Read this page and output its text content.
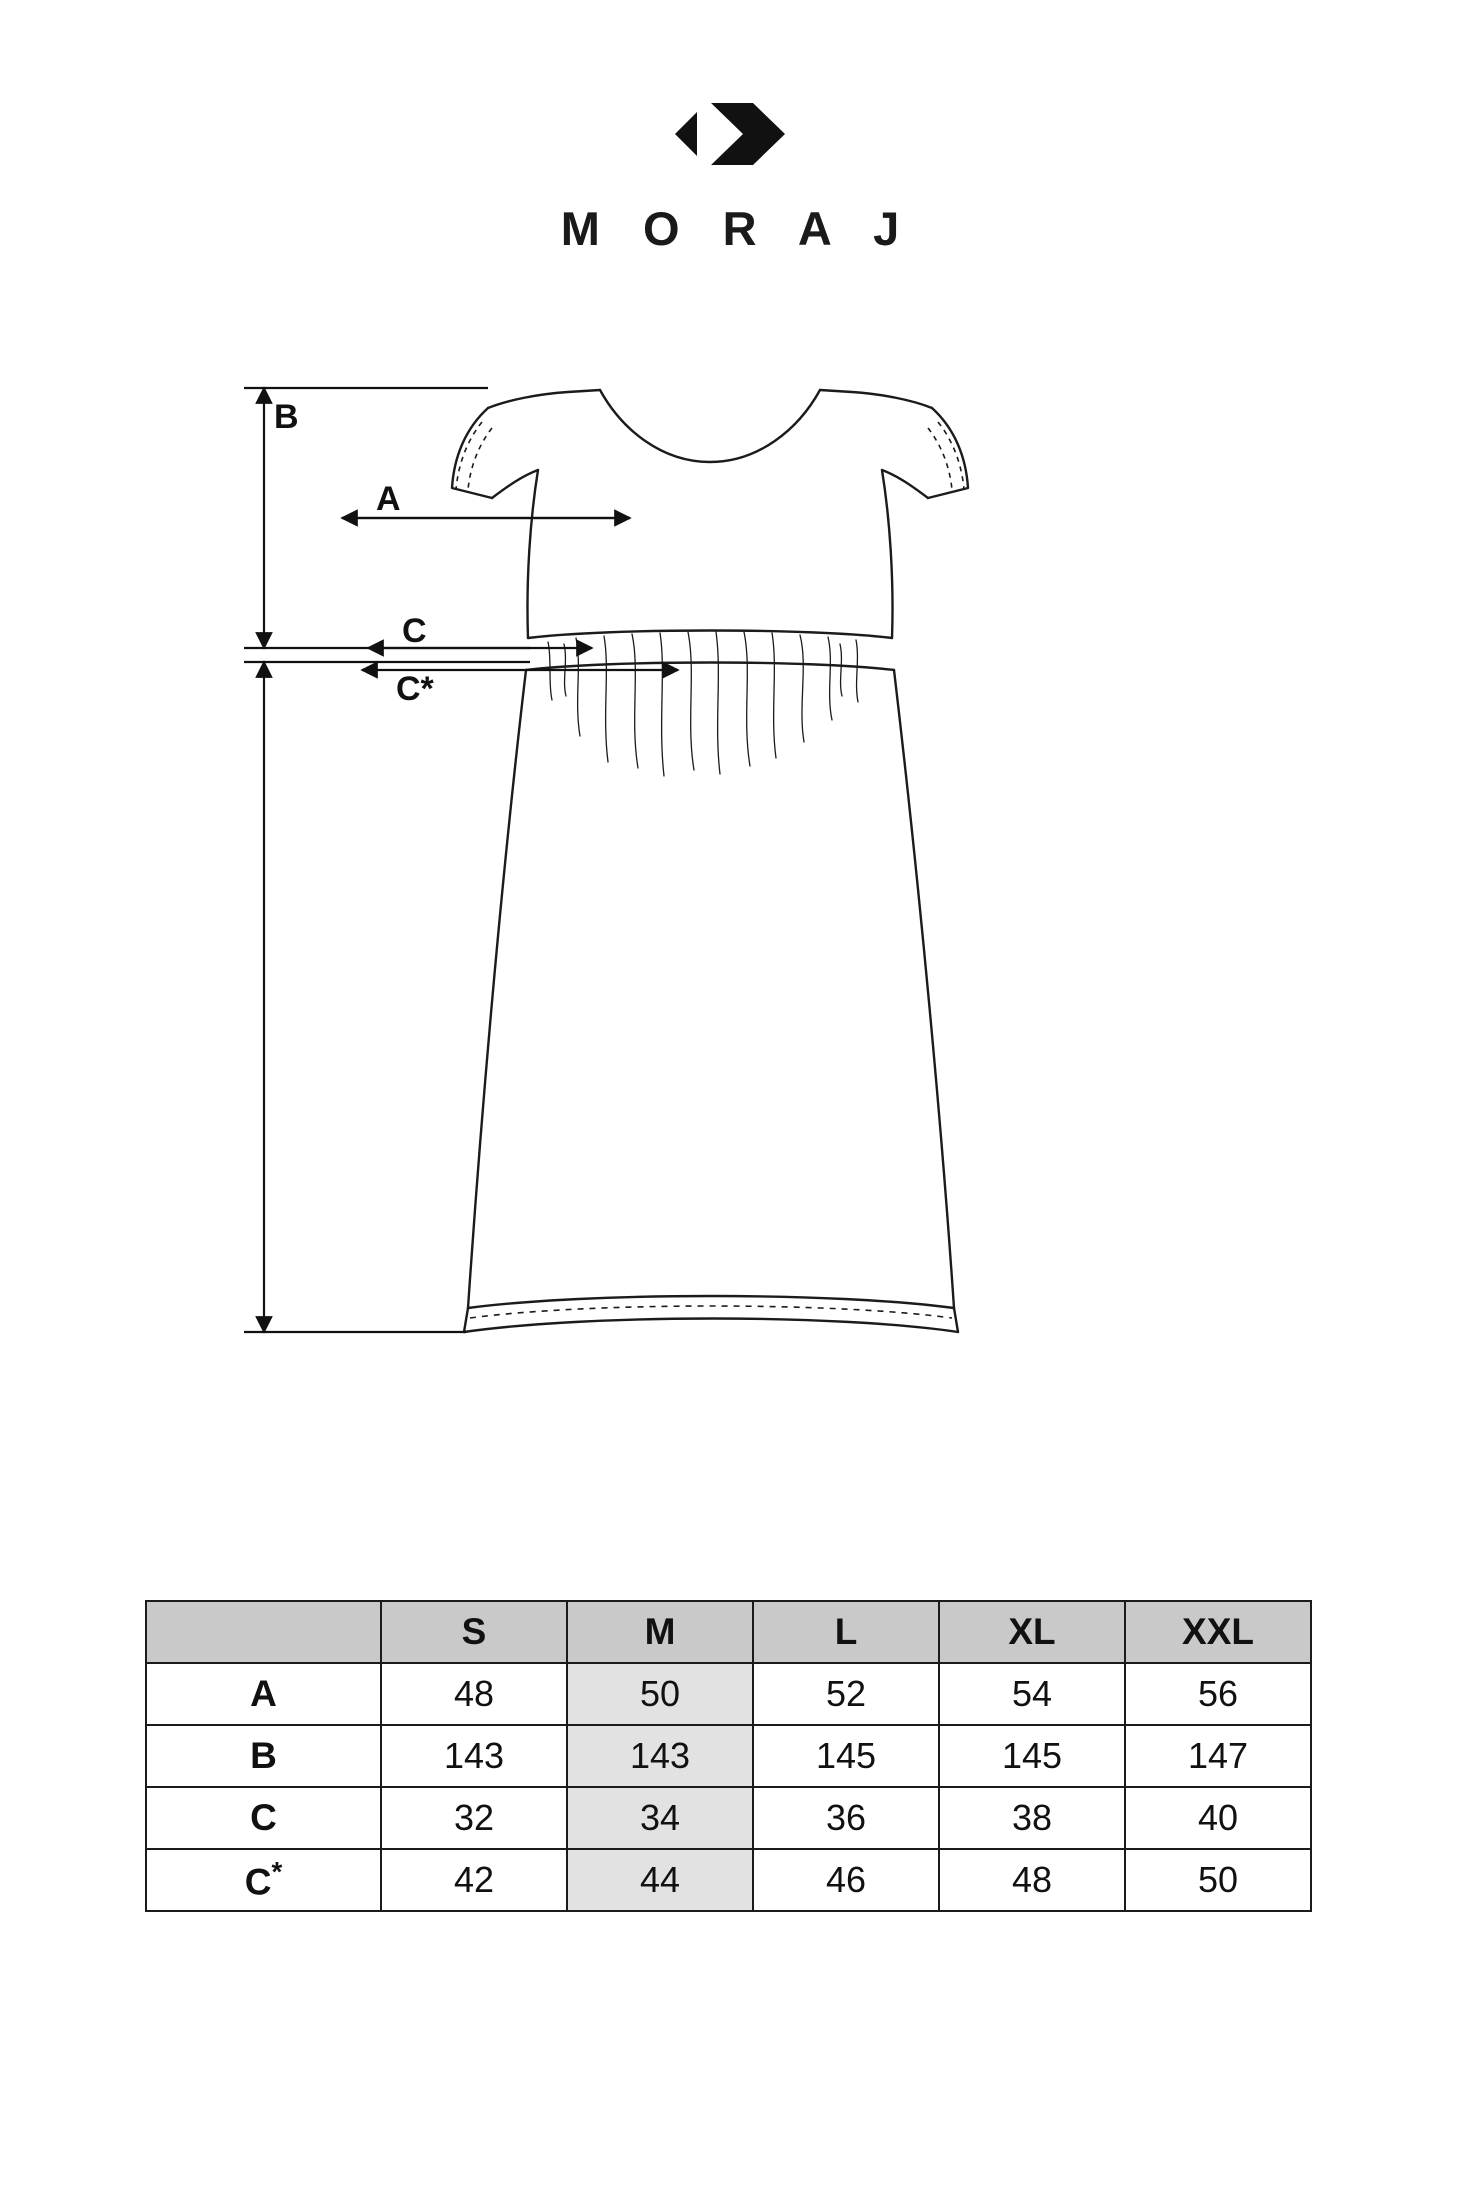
M O R A J
B
A
C
C*
	S	M	L	XL	XXL
A	48	50	52	54	56
B	143	143	145	145	147
C	32	34	36	38	40
C*	42	44	46	48	50
